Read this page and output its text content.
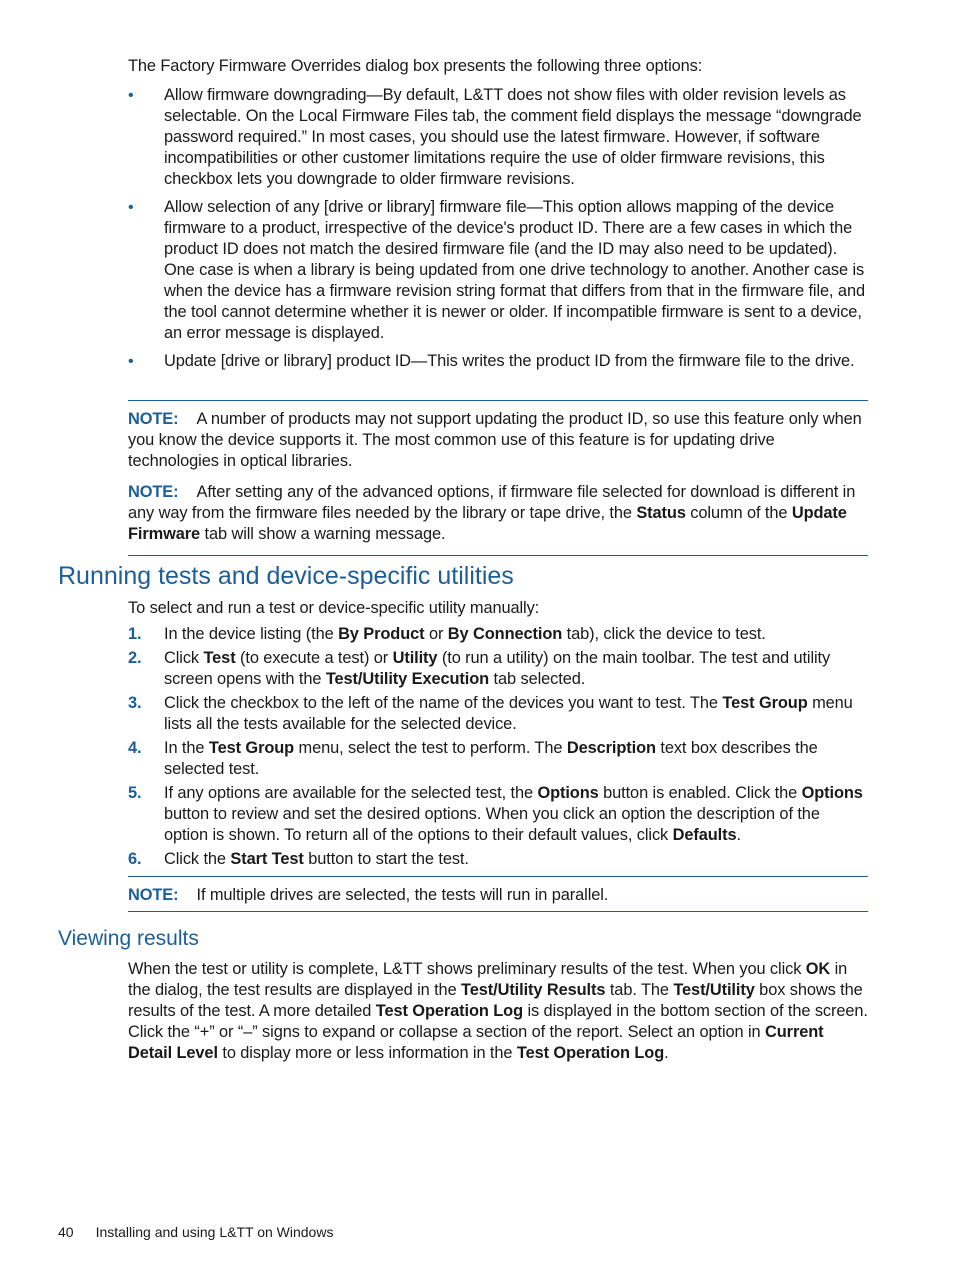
The Factory Firmware Overrides dialog box presents the following three options:

• Allow firmware downgrading—By default, L&TT does not show files with older revision levels as selectable. On the Local Firmware Files tab, the comment field displays the message “downgrade password required.” In most cases, you should use the latest firmware. However, if software incompatibilities or other customer limitations require the use of older firmware revisions, this checkbox lets you downgrade to older firmware revisions.
• Allow selection of any [drive or library] firmware file—This option allows mapping of the device firmware to a product, irrespective of the device's product ID. There are a few cases in which the product ID does not match the desired firmware file (and the ID may also need to be updated). One case is when a library is being updated from one drive technology to another. Another case is when the device has a firmware revision string format that differs from that in the firmware file, and the tool cannot determine whether it is newer or older. If incompatible firmware is sent to a device, an error message is displayed.
• Update [drive or library] product ID—This writes the product ID from the firmware file to the drive.

NOTE: A number of products may not support updating the product ID, so use this feature only when you know the device supports it. The most common use of this feature is for updating drive technologies in optical libraries.

NOTE: After setting any of the advanced options, if firmware file selected for download is different in any way from the firmware files needed by the library or tape drive, the Status column of the Update Firmware tab will show a warning message.

Running tests and device-specific utilities

To select and run a test or device-specific utility manually:

1. In the device listing (the By Product or By Connection tab), click the device to test.
2. Click Test (to execute a test) or Utility (to run a utility) on the main toolbar. The test and utility screen opens with the Test/Utility Execution tab selected.
3. Click the checkbox to the left of the name of the devices you want to test. The Test Group menu lists all the tests available for the selected device.
4. In the Test Group menu, select the test to perform. The Description text box describes the selected test.
5. If any options are available for the selected test, the Options button is enabled. Click the Options button to review and set the desired options. When you click an option the description of the option is shown. To return all of the options to their default values, click Defaults.
6. Click the Start Test button to start the test.

NOTE: If multiple drives are selected, the tests will run in parallel.

Viewing results

When the test or utility is complete, L&TT shows preliminary results of the test. When you click OK in the dialog, the test results are displayed in the Test/Utility Results tab. The Test/Utility box shows the results of the test. A more detailed Test Operation Log is displayed in the bottom section of the screen. Click the “+” or “–” signs to expand or collapse a section of the report. Select an option in Current Detail Level to display more or less information in the Test Operation Log.

40 Installing and using L&TT on Windows
